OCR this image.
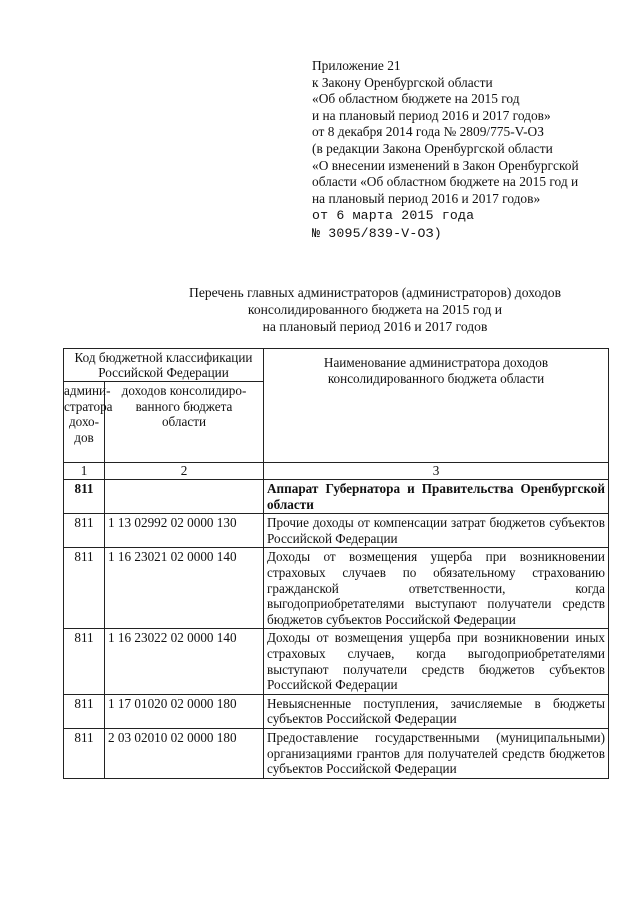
Приложение 21
к Закону Оренбургской области
«Об областном бюджете на 2015 год
и на плановый период 2016 и 2017 годов»
от 8 декабря 2014 года № 2809/775-V-ОЗ
(в редакции Закона Оренбургской области
«О внесении изменений в Закон Оренбургской
области «Об областном бюджете на 2015 год и
на плановый период 2016 и 2017 годов»
от 6 марта 2015 года
№ 3095/839-V-ОЗ)
Перечень главных администраторов (администраторов) доходов
консолидированного бюджета на 2015 год и
на плановый период 2016 и 2017 годов
Код бюджетной классификации Российской Федерации		Наименование администратора доходов консолидированного бюджета области
админи-стратора дохо-дов	доходов консолидиро-ванного бюджета области	
1	2	3
811		Аппарат Губернатора и Правительства Оренбургской области
811	1 13 02992 02 0000 130	Прочие доходы от компенсации затрат бюджетов субъектов Российской Федерации
811	1 16 23021 02 0000 140	Доходы от возмещения ущерба при возникновении страховых случаев по обязательному страхованию гражданской ответственности, когда выгодоприобретателями выступают получатели средств бюджетов субъектов Российской Федерации
811	1 16 23022 02 0000 140	Доходы от возмещения ущерба при возникновении иных страховых случаев, когда выгодоприобретателями выступают получатели средств бюджетов субъектов Российской Федерации
811	1 17 01020 02 0000 180	Невыясненные поступления, зачисляемые в бюджеты субъектов Российской Федерации
811	2 03 02010 02 0000 180	Предоставление государственными (муниципальными) организациями грантов для получателей средств бюджетов субъектов Российской Федерации
